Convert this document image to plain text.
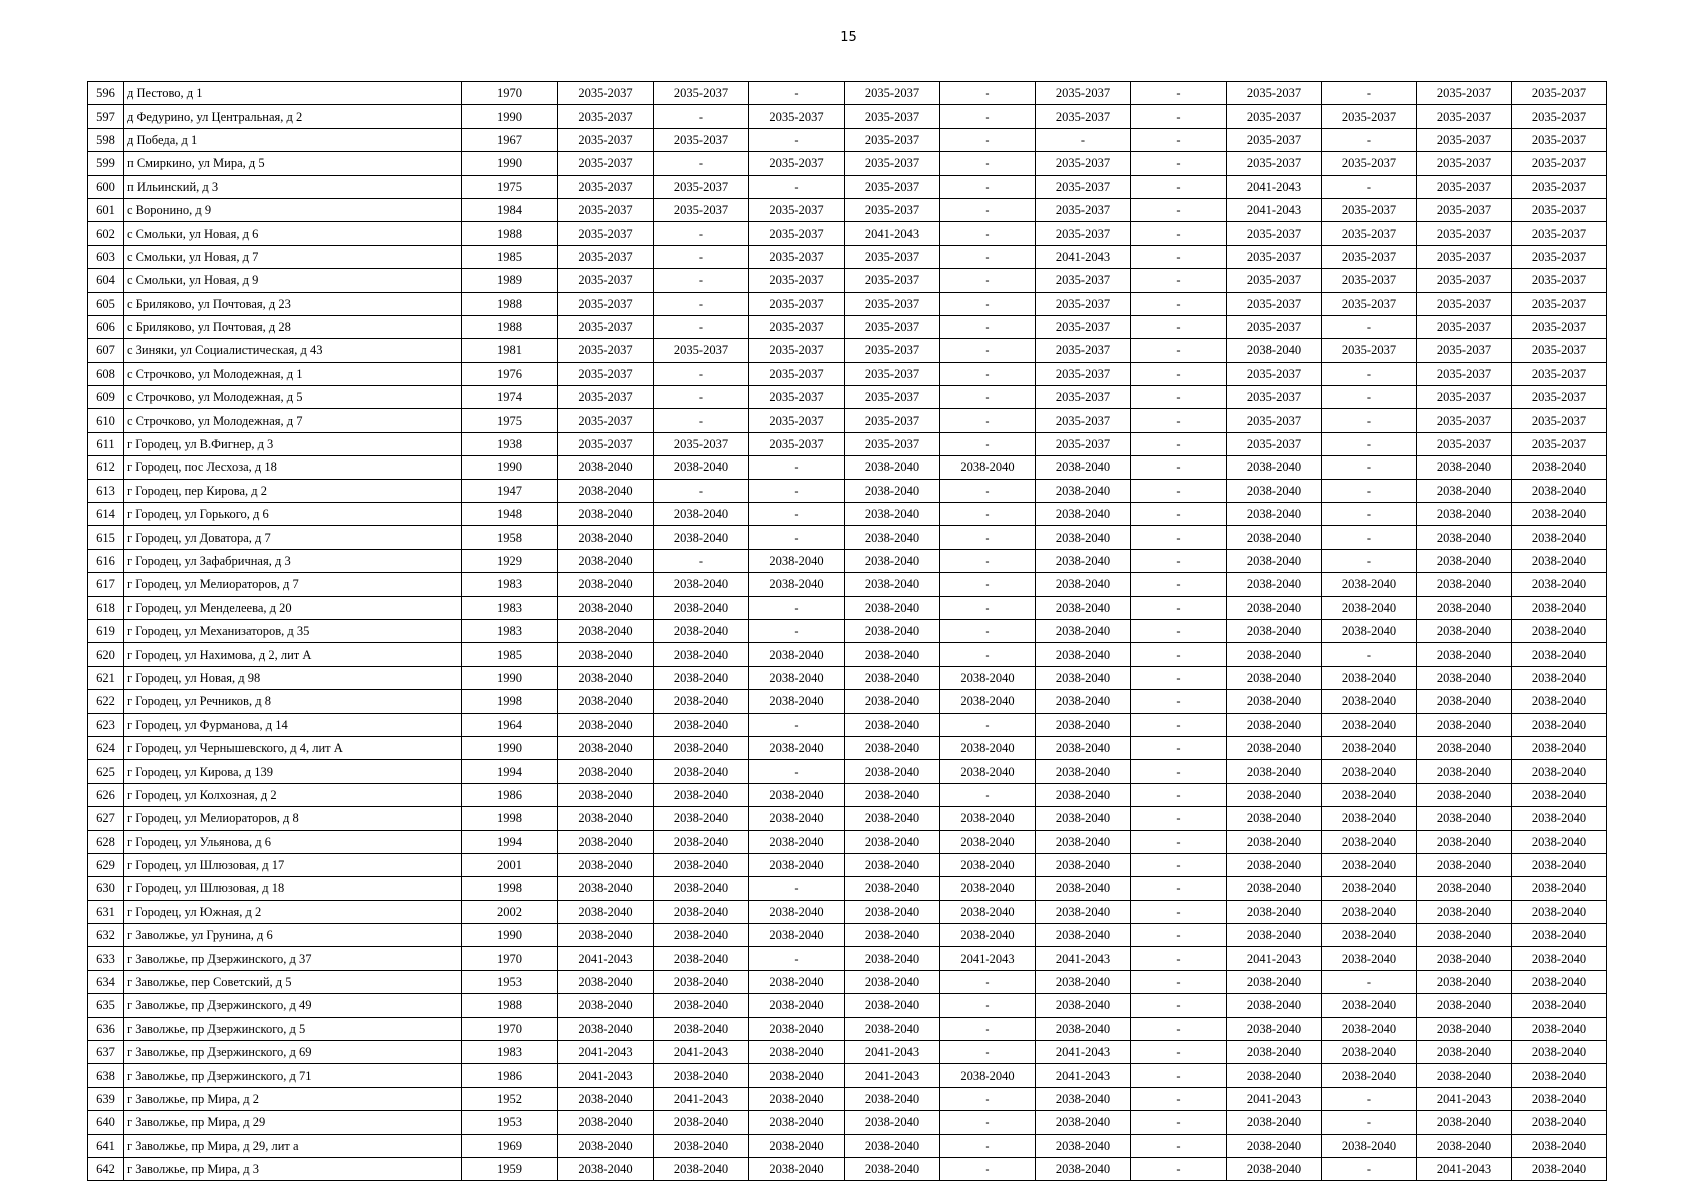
15
596	д Пестово, д 1	1970	2035-2037	2035-2037	-	2035-2037	-	2035-2037	-	2035-2037	-	2035-2037	2035-2037
597	д Федурино, ул Центральная, д 2	1990	2035-2037	-	2035-2037	2035-2037	-	2035-2037	-	2035-2037	2035-2037	2035-2037	2035-2037
598	д Победа, д 1	1967	2035-2037	2035-2037	-	2035-2037	-	-	-	2035-2037	-	2035-2037	2035-2037
599	п Смиркино, ул Мира, д 5	1990	2035-2037	-	2035-2037	2035-2037	-	2035-2037	-	2035-2037	2035-2037	2035-2037	2035-2037
600	п Ильинский, д 3	1975	2035-2037	2035-2037	-	2035-2037	-	2035-2037	-	2041-2043	-	2035-2037	2035-2037
601	с Воронино, д 9	1984	2035-2037	2035-2037	2035-2037	2035-2037	-	2035-2037	-	2041-2043	2035-2037	2035-2037	2035-2037
602	с Смольки, ул Новая, д 6	1988	2035-2037	-	2035-2037	2041-2043	-	2035-2037	-	2035-2037	2035-2037	2035-2037	2035-2037
603	с Смольки, ул Новая, д 7	1985	2035-2037	-	2035-2037	2035-2037	-	2041-2043	-	2035-2037	2035-2037	2035-2037	2035-2037
604	с Смольки, ул Новая, д 9	1989	2035-2037	-	2035-2037	2035-2037	-	2035-2037	-	2035-2037	2035-2037	2035-2037	2035-2037
605	с Бриляково, ул Почтовая, д 23	1988	2035-2037	-	2035-2037	2035-2037	-	2035-2037	-	2035-2037	2035-2037	2035-2037	2035-2037
606	с Бриляково, ул Почтовая, д 28	1988	2035-2037	-	2035-2037	2035-2037	-	2035-2037	-	2035-2037	-	2035-2037	2035-2037
607	с Зиняки, ул Социалистическая, д 43	1981	2035-2037	2035-2037	2035-2037	2035-2037	-	2035-2037	-	2038-2040	2035-2037	2035-2037	2035-2037
608	с Строчково, ул Молодежная, д 1	1976	2035-2037	-	2035-2037	2035-2037	-	2035-2037	-	2035-2037	-	2035-2037	2035-2037
609	с Строчково, ул Молодежная, д 5	1974	2035-2037	-	2035-2037	2035-2037	-	2035-2037	-	2035-2037	-	2035-2037	2035-2037
610	с Строчково, ул Молодежная, д 7	1975	2035-2037	-	2035-2037	2035-2037	-	2035-2037	-	2035-2037	-	2035-2037	2035-2037
611	г Городец, ул В.Фигнер, д 3	1938	2035-2037	2035-2037	2035-2037	2035-2037	-	2035-2037	-	2035-2037	-	2035-2037	2035-2037
612	г Городец, пос Лесхоза, д 18	1990	2038-2040	2038-2040	-	2038-2040	2038-2040	2038-2040	-	2038-2040	-	2038-2040	2038-2040
613	г Городец, пер Кирова, д 2	1947	2038-2040	-	-	2038-2040	-	2038-2040	-	2038-2040	-	2038-2040	2038-2040
614	г Городец, ул Горького, д 6	1948	2038-2040	2038-2040	-	2038-2040	-	2038-2040	-	2038-2040	-	2038-2040	2038-2040
615	г Городец, ул Доватора, д 7	1958	2038-2040	2038-2040	-	2038-2040	-	2038-2040	-	2038-2040	-	2038-2040	2038-2040
616	г Городец, ул Зафабричная, д 3	1929	2038-2040	-	2038-2040	2038-2040	-	2038-2040	-	2038-2040	-	2038-2040	2038-2040
617	г Городец, ул Мелиораторов, д 7	1983	2038-2040	2038-2040	2038-2040	2038-2040	-	2038-2040	-	2038-2040	2038-2040	2038-2040	2038-2040
618	г Городец, ул Менделеева, д 20	1983	2038-2040	2038-2040	-	2038-2040	-	2038-2040	-	2038-2040	2038-2040	2038-2040	2038-2040
619	г Городец, ул Механизаторов, д 35	1983	2038-2040	2038-2040	-	2038-2040	-	2038-2040	-	2038-2040	2038-2040	2038-2040	2038-2040
620	г Городец, ул Нахимова, д 2, лит А	1985	2038-2040	2038-2040	2038-2040	2038-2040	-	2038-2040	-	2038-2040	-	2038-2040	2038-2040
621	г Городец, ул Новая, д 98	1990	2038-2040	2038-2040	2038-2040	2038-2040	2038-2040	2038-2040	-	2038-2040	2038-2040	2038-2040	2038-2040
622	г Городец, ул Речников, д 8	1998	2038-2040	2038-2040	2038-2040	2038-2040	2038-2040	2038-2040	-	2038-2040	2038-2040	2038-2040	2038-2040
623	г Городец, ул Фурманова, д 14	1964	2038-2040	2038-2040	-	2038-2040	-	2038-2040	-	2038-2040	2038-2040	2038-2040	2038-2040
624	г Городец, ул Чернышевского, д 4, лит А	1990	2038-2040	2038-2040	2038-2040	2038-2040	2038-2040	2038-2040	-	2038-2040	2038-2040	2038-2040	2038-2040
625	г Городец, ул Кирова, д 139	1994	2038-2040	2038-2040	-	2038-2040	2038-2040	2038-2040	-	2038-2040	2038-2040	2038-2040	2038-2040
626	г Городец, ул Колхозная, д 2	1986	2038-2040	2038-2040	2038-2040	2038-2040	-	2038-2040	-	2038-2040	2038-2040	2038-2040	2038-2040
627	г Городец, ул Мелиораторов, д 8	1998	2038-2040	2038-2040	2038-2040	2038-2040	2038-2040	2038-2040	-	2038-2040	2038-2040	2038-2040	2038-2040
628	г Городец, ул Ульянова, д 6	1994	2038-2040	2038-2040	2038-2040	2038-2040	2038-2040	2038-2040	-	2038-2040	2038-2040	2038-2040	2038-2040
629	г Городец, ул Шлюзовая, д 17	2001	2038-2040	2038-2040	2038-2040	2038-2040	2038-2040	2038-2040	-	2038-2040	2038-2040	2038-2040	2038-2040
630	г Городец, ул Шлюзовая, д 18	1998	2038-2040	2038-2040	-	2038-2040	2038-2040	2038-2040	-	2038-2040	2038-2040	2038-2040	2038-2040
631	г Городец, ул Южная, д 2	2002	2038-2040	2038-2040	2038-2040	2038-2040	2038-2040	2038-2040	-	2038-2040	2038-2040	2038-2040	2038-2040
632	г Заволжье, ул Грунина, д 6	1990	2038-2040	2038-2040	2038-2040	2038-2040	2038-2040	2038-2040	-	2038-2040	2038-2040	2038-2040	2038-2040
633	г Заволжье, пр Дзержинского, д 37	1970	2041-2043	2038-2040	-	2038-2040	2041-2043	2041-2043	-	2041-2043	2038-2040	2038-2040	2038-2040
634	г Заволжье, пер Советский, д 5	1953	2038-2040	2038-2040	2038-2040	2038-2040	-	2038-2040	-	2038-2040	-	2038-2040	2038-2040
635	г Заволжье, пр Дзержинского, д 49	1988	2038-2040	2038-2040	2038-2040	2038-2040	-	2038-2040	-	2038-2040	2038-2040	2038-2040	2038-2040
636	г Заволжье, пр Дзержинского, д 5	1970	2038-2040	2038-2040	2038-2040	2038-2040	-	2038-2040	-	2038-2040	2038-2040	2038-2040	2038-2040
637	г Заволжье, пр Дзержинского, д 69	1983	2041-2043	2041-2043	2038-2040	2041-2043	-	2041-2043	-	2038-2040	2038-2040	2038-2040	2038-2040
638	г Заволжье, пр Дзержинского, д 71	1986	2041-2043	2038-2040	2038-2040	2041-2043	2038-2040	2041-2043	-	2038-2040	2038-2040	2038-2040	2038-2040
639	г Заволжье, пр Мира, д 2	1952	2038-2040	2041-2043	2038-2040	2038-2040	-	2038-2040	-	2041-2043	-	2041-2043	2038-2040
640	г Заволжье, пр Мира, д 29	1953	2038-2040	2038-2040	2038-2040	2038-2040	-	2038-2040	-	2038-2040	-	2038-2040	2038-2040
641	г Заволжье, пр Мира, д 29, лит а	1969	2038-2040	2038-2040	2038-2040	2038-2040	-	2038-2040	-	2038-2040	2038-2040	2038-2040	2038-2040
642	г Заволжье, пр Мира, д 3	1959	2038-2040	2038-2040	2038-2040	2038-2040	-	2038-2040	-	2038-2040	-	2041-2043	2038-2040
